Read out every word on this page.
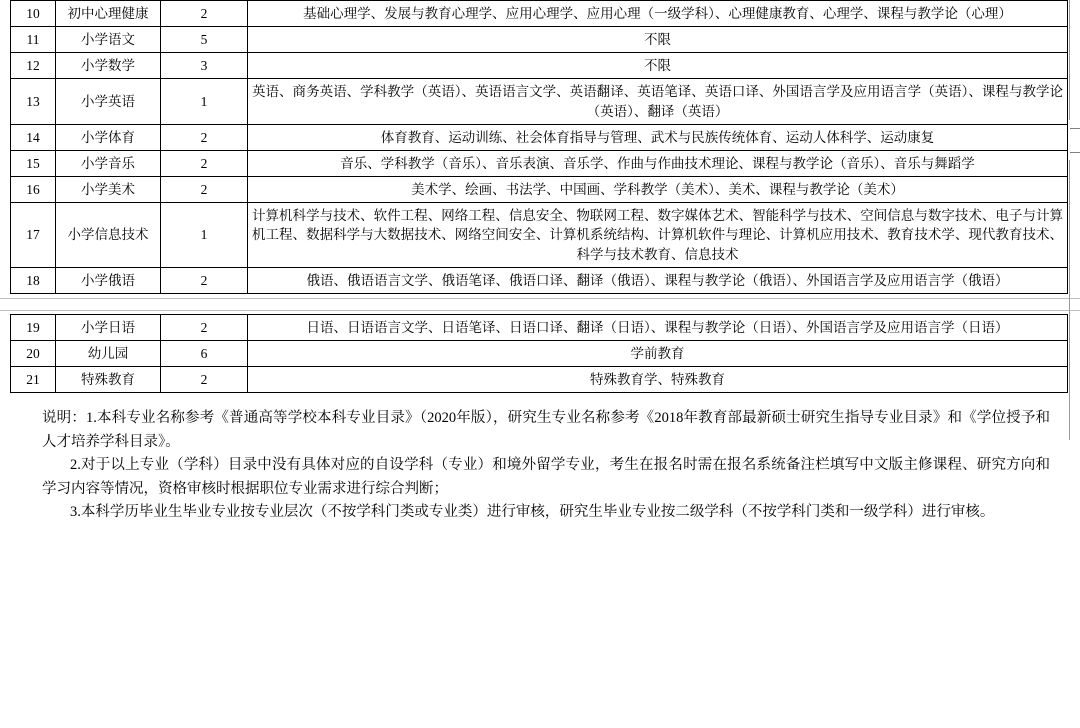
10	初中心理健康	2	基础心理学、发展与教育心理学、应用心理学、应用心理（一级学科）、心理健康教育、心理学、课程与教学论（心理）
11	小学语文	5	不限
12	小学数学	3	不限
13	小学英语	1	英语、商务英语、学科教学（英语）、英语语言文学、英语翻译、英语笔译、英语口译、外国语言学及应用语言学（英语）、课程与教学论（英语）、翻译（英语）
14	小学体育	2	体育教育、运动训练、社会体育指导与管理、武术与民族传统体育、运动人体科学、运动康复
15	小学音乐	2	音乐、学科教学（音乐）、音乐表演、音乐学、作曲与作曲技术理论、课程与教学论（音乐）、音乐与舞蹈学
16	小学美术	2	美术学、绘画、书法学、中国画、学科教学（美术）、美术、课程与教学论（美术）
17	小学信息技术	1	计算机科学与技术、软件工程、网络工程、信息安全、物联网工程、数字媒体艺术、智能科学与技术、空间信息与数字技术、电子与计算机工程、数据科学与大数据技术、网络空间安全、计算机系统结构、计算机软件与理论、计算机应用技术、教育技术学、现代教育技术、科学与技术教育、信息技术
18	小学俄语	2	俄语、俄语语言文学、俄语笔译、俄语口译、翻译（俄语）、课程与教学论（俄语）、外国语言学及应用语言学（俄语）
19	小学日语	2	日语、日语语言文学、日语笔译、日语口译、翻译（日语）、课程与教学论（日语）、外国语言学及应用语言学（日语）
20	幼儿园	6	学前教育
21	特殊教育	2	特殊教育学、特殊教育

说明：1.本科专业名称参考《普通高等学校本科专业目录》（2020年版），研究生专业名称参考《2018年教育部最新硕士研究生指导专业目录》和《学位授予和人才培养学科目录》。

2.对于以上专业（学科）目录中没有具体对应的自设学科（专业）和境外留学专业，考生在报名时需在报名系统备注栏填写中文版主修课程、研究方向和学习内容等情况，资格审核时根据职位专业需求进行综合判断；

3.本科学历毕业生毕业专业按专业层次（不按学科门类或专业类）进行审核，研究生毕业专业按二级学科（不按学科门类和一级学科）进行审核。
